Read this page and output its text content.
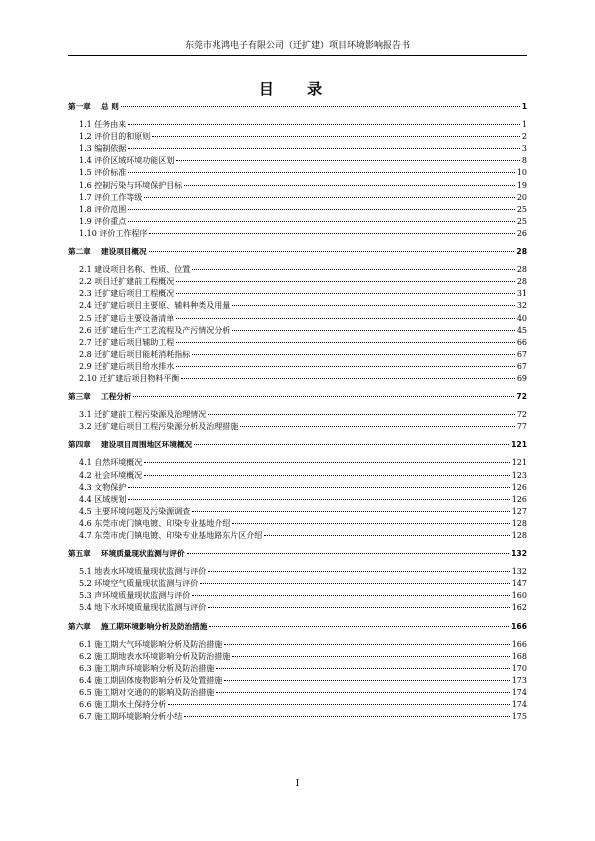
东莞市兆鸿电子有限公司（迁扩建）项目环境影响报告书
目 录
第一章　 总 则	1
1.1 任务由来	1
1.2 评价目的和原则	2
1.3 编制依据	3
1.4 评价区域环境功能区划	8
1.5 评价标准	10
1.6 控制污染与环境保护目标	19
1.7 评价工作等级	20
1.8 评价范围	25
1.9 评价重点	25
1.10 评价工作程序	26
第二章　 建设项目概况	28
2.1 建设项目名称、性质、位置	28
2.2 项目迁扩建前工程概况	28
2.3 迁扩建后项目工程概况	31
2.4 迁扩建后项目主要原、辅料种类及用量	32
2.5 迁扩建后主要设备清单	40
2.6 迁扩建后生产工艺流程及产污情况分析	45
2.7 迁扩建后项目辅助工程	66
2.8 迁扩建后项目能耗消耗指标	67
2.9 迁扩建后项目给水排水	67
2.10 迁扩建后项目物料平衡	69
第三章　 工程分析	72
3.1 迁扩建前工程污染源及治理情况	72
3.2 迁扩建后项目工程污染源分析及治理措施	77
第四章　 建设项目周围地区环境概况	121
4.1 自然环境概况	121
4.2 社会环境概况	123
4.3 文物保护	126
4.4 区域规划	126
4.5 主要环境问题及污染源调查	127
4.6 东莞市虎门镇电镀、印染专业基地介绍	128
4.7 东莞市虎门镇电镀、印染专业基地路东片区介绍	128
第五章　 环境质量现状监测与评价	132
5.1 地表水环境质量现状监测与评价	132
5.2 环境空气质量现状监测与评价	147
5.3 声环境质量现状监测与评价	160
5.4 地下水环境质量现状监测与评价	162
第六章　 施工期环境影响分析及防治措施	166
6.1 施工期大气环境影响分析及防治措施	166
6.2 施工期地表水环境影响分析及防治措施	168
6.3 施工期声环境影响分析及防治措施	170
6.4 施工期固体废物影响分析及处置措施	173
6.5 施工期对交通的的影响及防治措施	174
6.6 施工期水土保持分析	174
6.7 施工期环境影响分析小结	175
I
